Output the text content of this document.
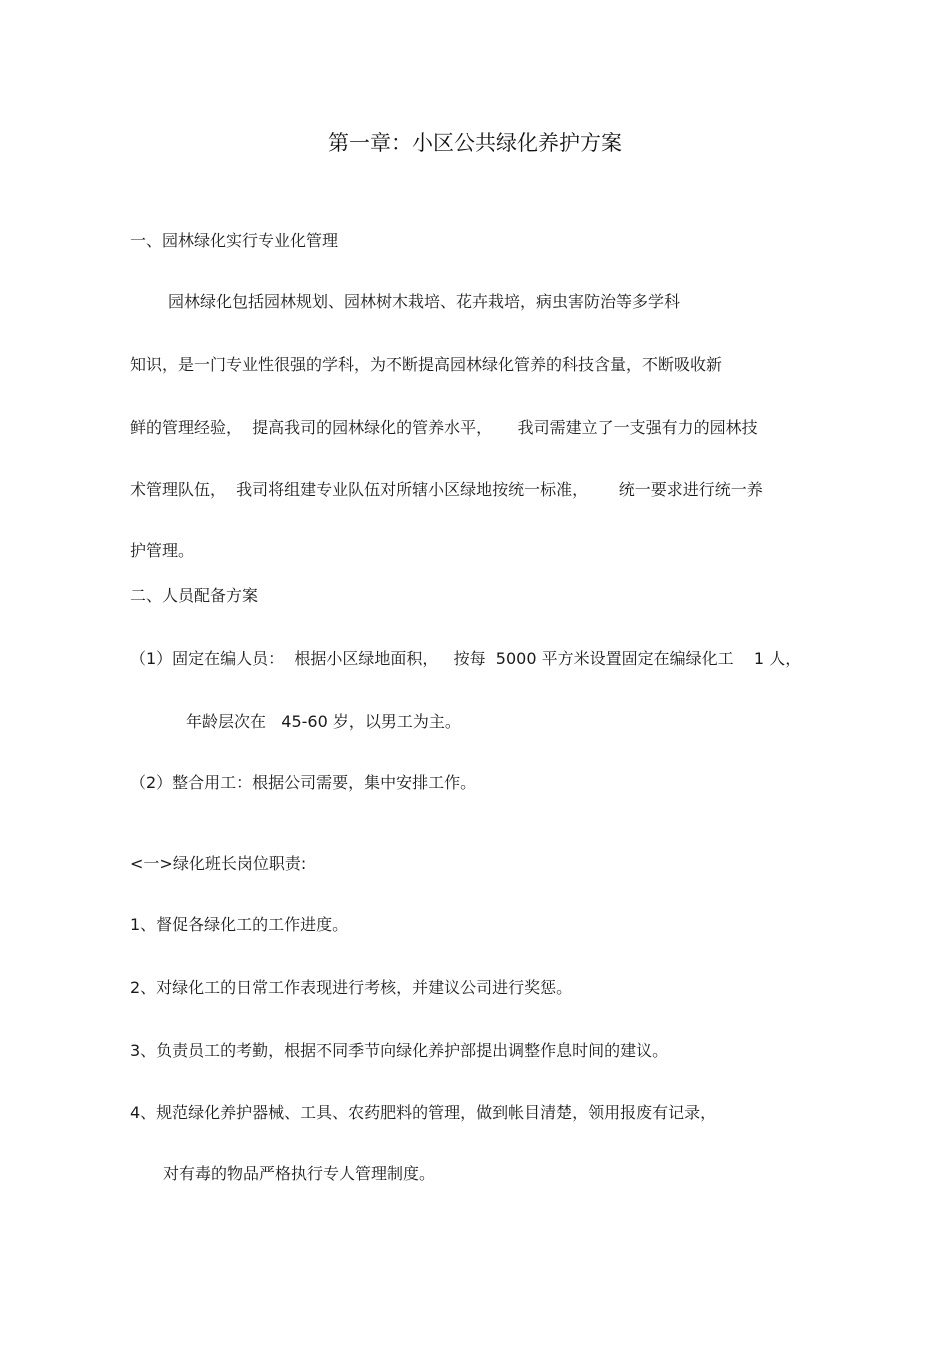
第一章：小区公共绿化养护方案
一、园林绿化实行专业化管理
园林绿化包括园林规划、园林树木栽培、花卉栽培，病虫害防治等多学科
知识，是一门专业性很强的学科，为不断提高园林绿化管养的科技含量，不断吸收新
鲜的管理经验，  提高我司的园林绿化的管养水平，     我司需建立了一支强有力的园林技
术管理队伍，  我司将组建专业队伍对所辖小区绿地按统一标准，      统一要求进行统一养
护管理。
二、人员配备方案
（1）固定在编人员：  根据小区绿地面积，   按每  5000 平方米设置固定在编绿化工    1 人，
年龄层次在   45-60 岁，以男工为主。
（2）整合用工：根据公司需要，集中安排工作。
<一>绿化班长岗位职责:
1、督促各绿化工的工作进度。
2、对绿化工的日常工作表现进行考核，并建议公司进行奖惩。
3、负责员工的考勤，根据不同季节向绿化养护部提出调整作息时间的建议。
4、规范绿化养护器械、工具、农药肥料的管理，做到帐目清楚，领用报废有记录，
对有毒的物品严格执行专人管理制度。
